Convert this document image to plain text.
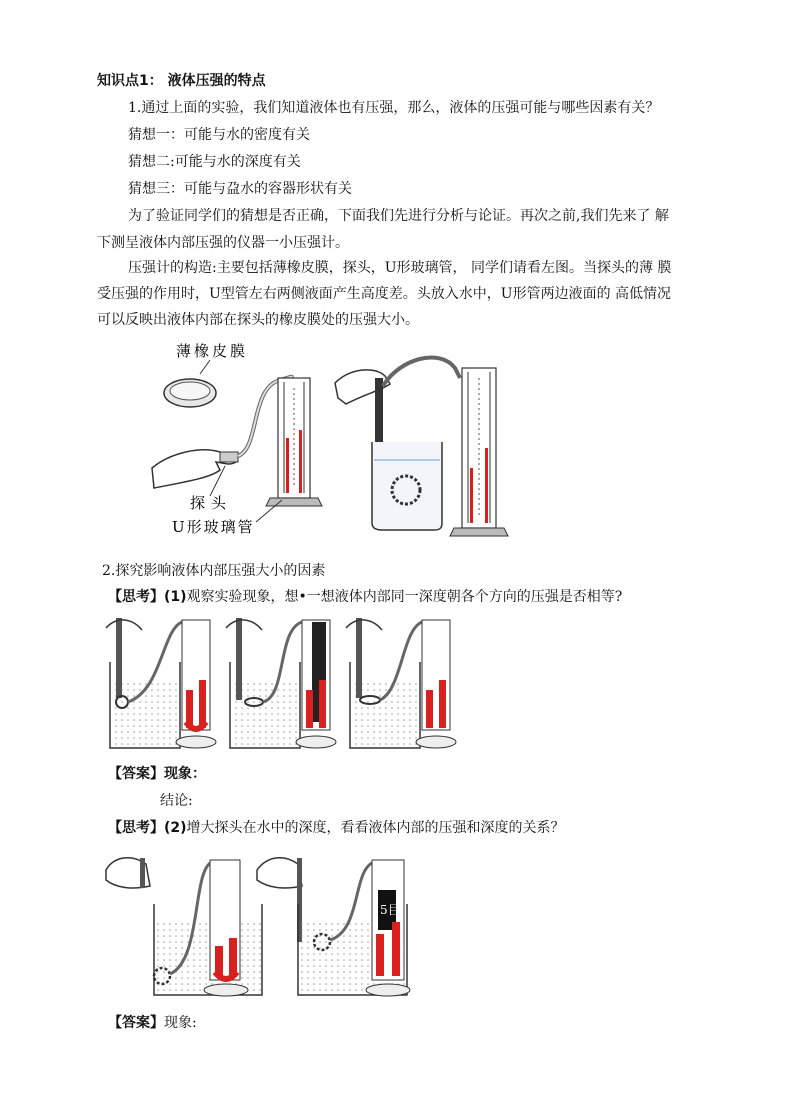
知识点1： 液体压强的特点
1.通过上面的实验，我们知道液体也有压强，那么，液体的压强可能与哪些因素有关？
猜想一：可能与水的密度有关
猜想二:可能与水的深度有关
猜想三：可能与盁水的容器形状有关
为了验证同学们的猜想是否正确，下面我们先进行分析与论证。再次之前,我们先来了 解
下测呈液体内部压强的仪器一小压强计。
压强计的构造:主要包括薄橡皮膜，探头，U形玻璃管， 同学们请看左图。当探头的薄 膜
受压强的作用时，U型管左右两侧液面产生高度差。头放入水中，U形管两边液面的 高低情况
可以反映出液体内部在探头的橡皮膜处的压强大小。
薄橡皮膜
探头
U形玻璃管
2.探究影响液体内部压强大小的因素
【思考】(1)观察实验现象，想•一想液体内部同一深度朝各个方向的压强是否相等?
【答案】现象：
结论:
【思考】(2)增大探头在水中的深度，看看液体内部的压强和深度的关系？
5目
【答案】现象:
